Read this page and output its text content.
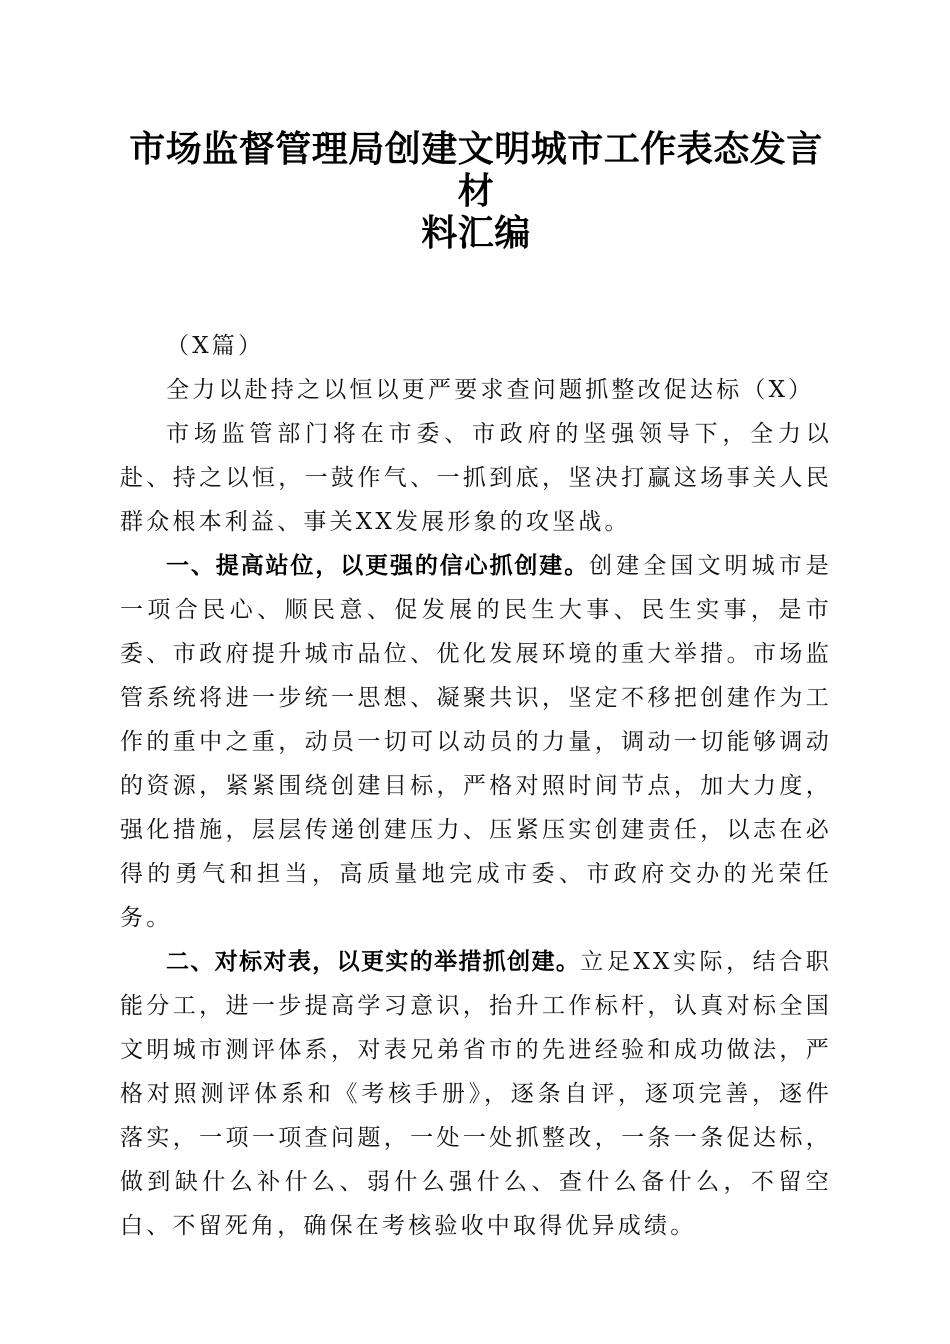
市场监督管理局创建文明城市工作表态发言材
料汇编

（X篇）

全力以赴持之以恒以更严要求查问题抓整改促达标（X）

市场监管部门将在市委、市政府的坚强领导下，全力以赴、持之以恒，一鼓作气、一抓到底，坚决打赢这场事关人民群众根本利益、事关XX发展形象的攻坚战。

一、提高站位，以更强的信心抓创建。创建全国文明城市是一项合民心、顺民意、促发展的民生大事、民生实事，是市委、市政府提升城市品位、优化发展环境的重大举措。市场监管系统将进一步统一思想、凝聚共识，坚定不移把创建作为工作的重中之重，动员一切可以动员的力量，调动一切能够调动的资源，紧紧围绕创建目标，严格对照时间节点，加大力度，强化措施，层层传递创建压力、压紧压实创建责任，以志在必得的勇气和担当，高质量地完成市委、市政府交办的光荣任务。

二、对标对表，以更实的举措抓创建。立足XX实际，结合职能分工，进一步提高学习意识，抬升工作标杆，认真对标全国文明城市测评体系，对表兄弟省市的先进经验和成功做法，严格对照测评体系和《考核手册》，逐条自评，逐项完善，逐件落实，一项一项查问题，一处一处抓整改，一条一条促达标，做到缺什么补什么、弱什么强什么、查什么备什么，不留空白、不留死角，确保在考核验收中取得优异成绩。
